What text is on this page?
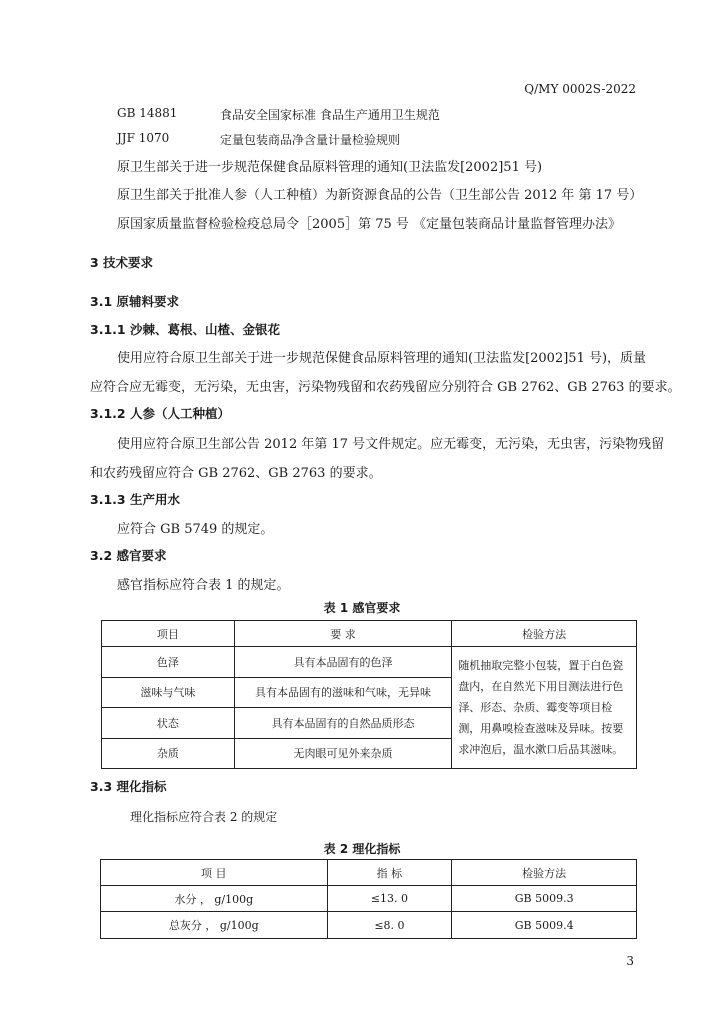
Q/MY 0002S-2022
GB 14881	食品安全国家标准 食品生产通用卫生规范
JJF 1070	定量包装商品净含量计量检验规则
原卫生部关于进一步规范保健食品原料管理的通知(卫法监发[2002]51 号)
原卫生部关于批准人参（人工种植）为新资源食品的公告（卫生部公告 2012 年 第 17 号）
原国家质量监督检验检疫总局令［2005］第 75 号 《定量包装商品计量监督管理办法》
3 技术要求
3.1 原辅料要求
3.1.1 沙棘、葛根、山楂、金银花
使用应符合原卫生部关于进一步规范保健食品原料管理的通知(卫法监发[2002]51 号)，质量
应符合应无霉变，无污染，无虫害，污染物残留和农药残留应分别符合 GB 2762、GB 2763 的要求。
3.1.2 人参（人工种植）
使用应符合原卫生部公告 2012 年第 17 号文件规定。应无霉变，无污染，无虫害，污染物残留
和农药残留应符合 GB 2762、GB 2763 的要求。
3.1.3 生产用水
应符合 GB 5749 的规定。
3.2 感官要求
感官指标应符合表 1 的规定。
表 1 感官要求
项目	要 求	检验方法
色泽	具有本品固有的色泽	随机抽取完整小包装，置于白色瓷盘内，在自然光下用目测法进行色泽、形态、杂质、霉变等项目检测，用鼻嗅检查滋味及异味。按要求冲泡后，温水漱口后品其滋味。
滋味与气味	具有本品固有的滋味和气味，无异味	
状态	具有本品固有的自然品质形态	
杂质	无肉眼可见外来杂质	
3.3 理化指标
理化指标应符合表 2 的规定
表 2 理化指标
项 目	指 标	检验方法
水分 ， g/100g	≤13. 0	GB 5009.3
总灰分 ， g/100g	≤8. 0	GB 5009.4
3
